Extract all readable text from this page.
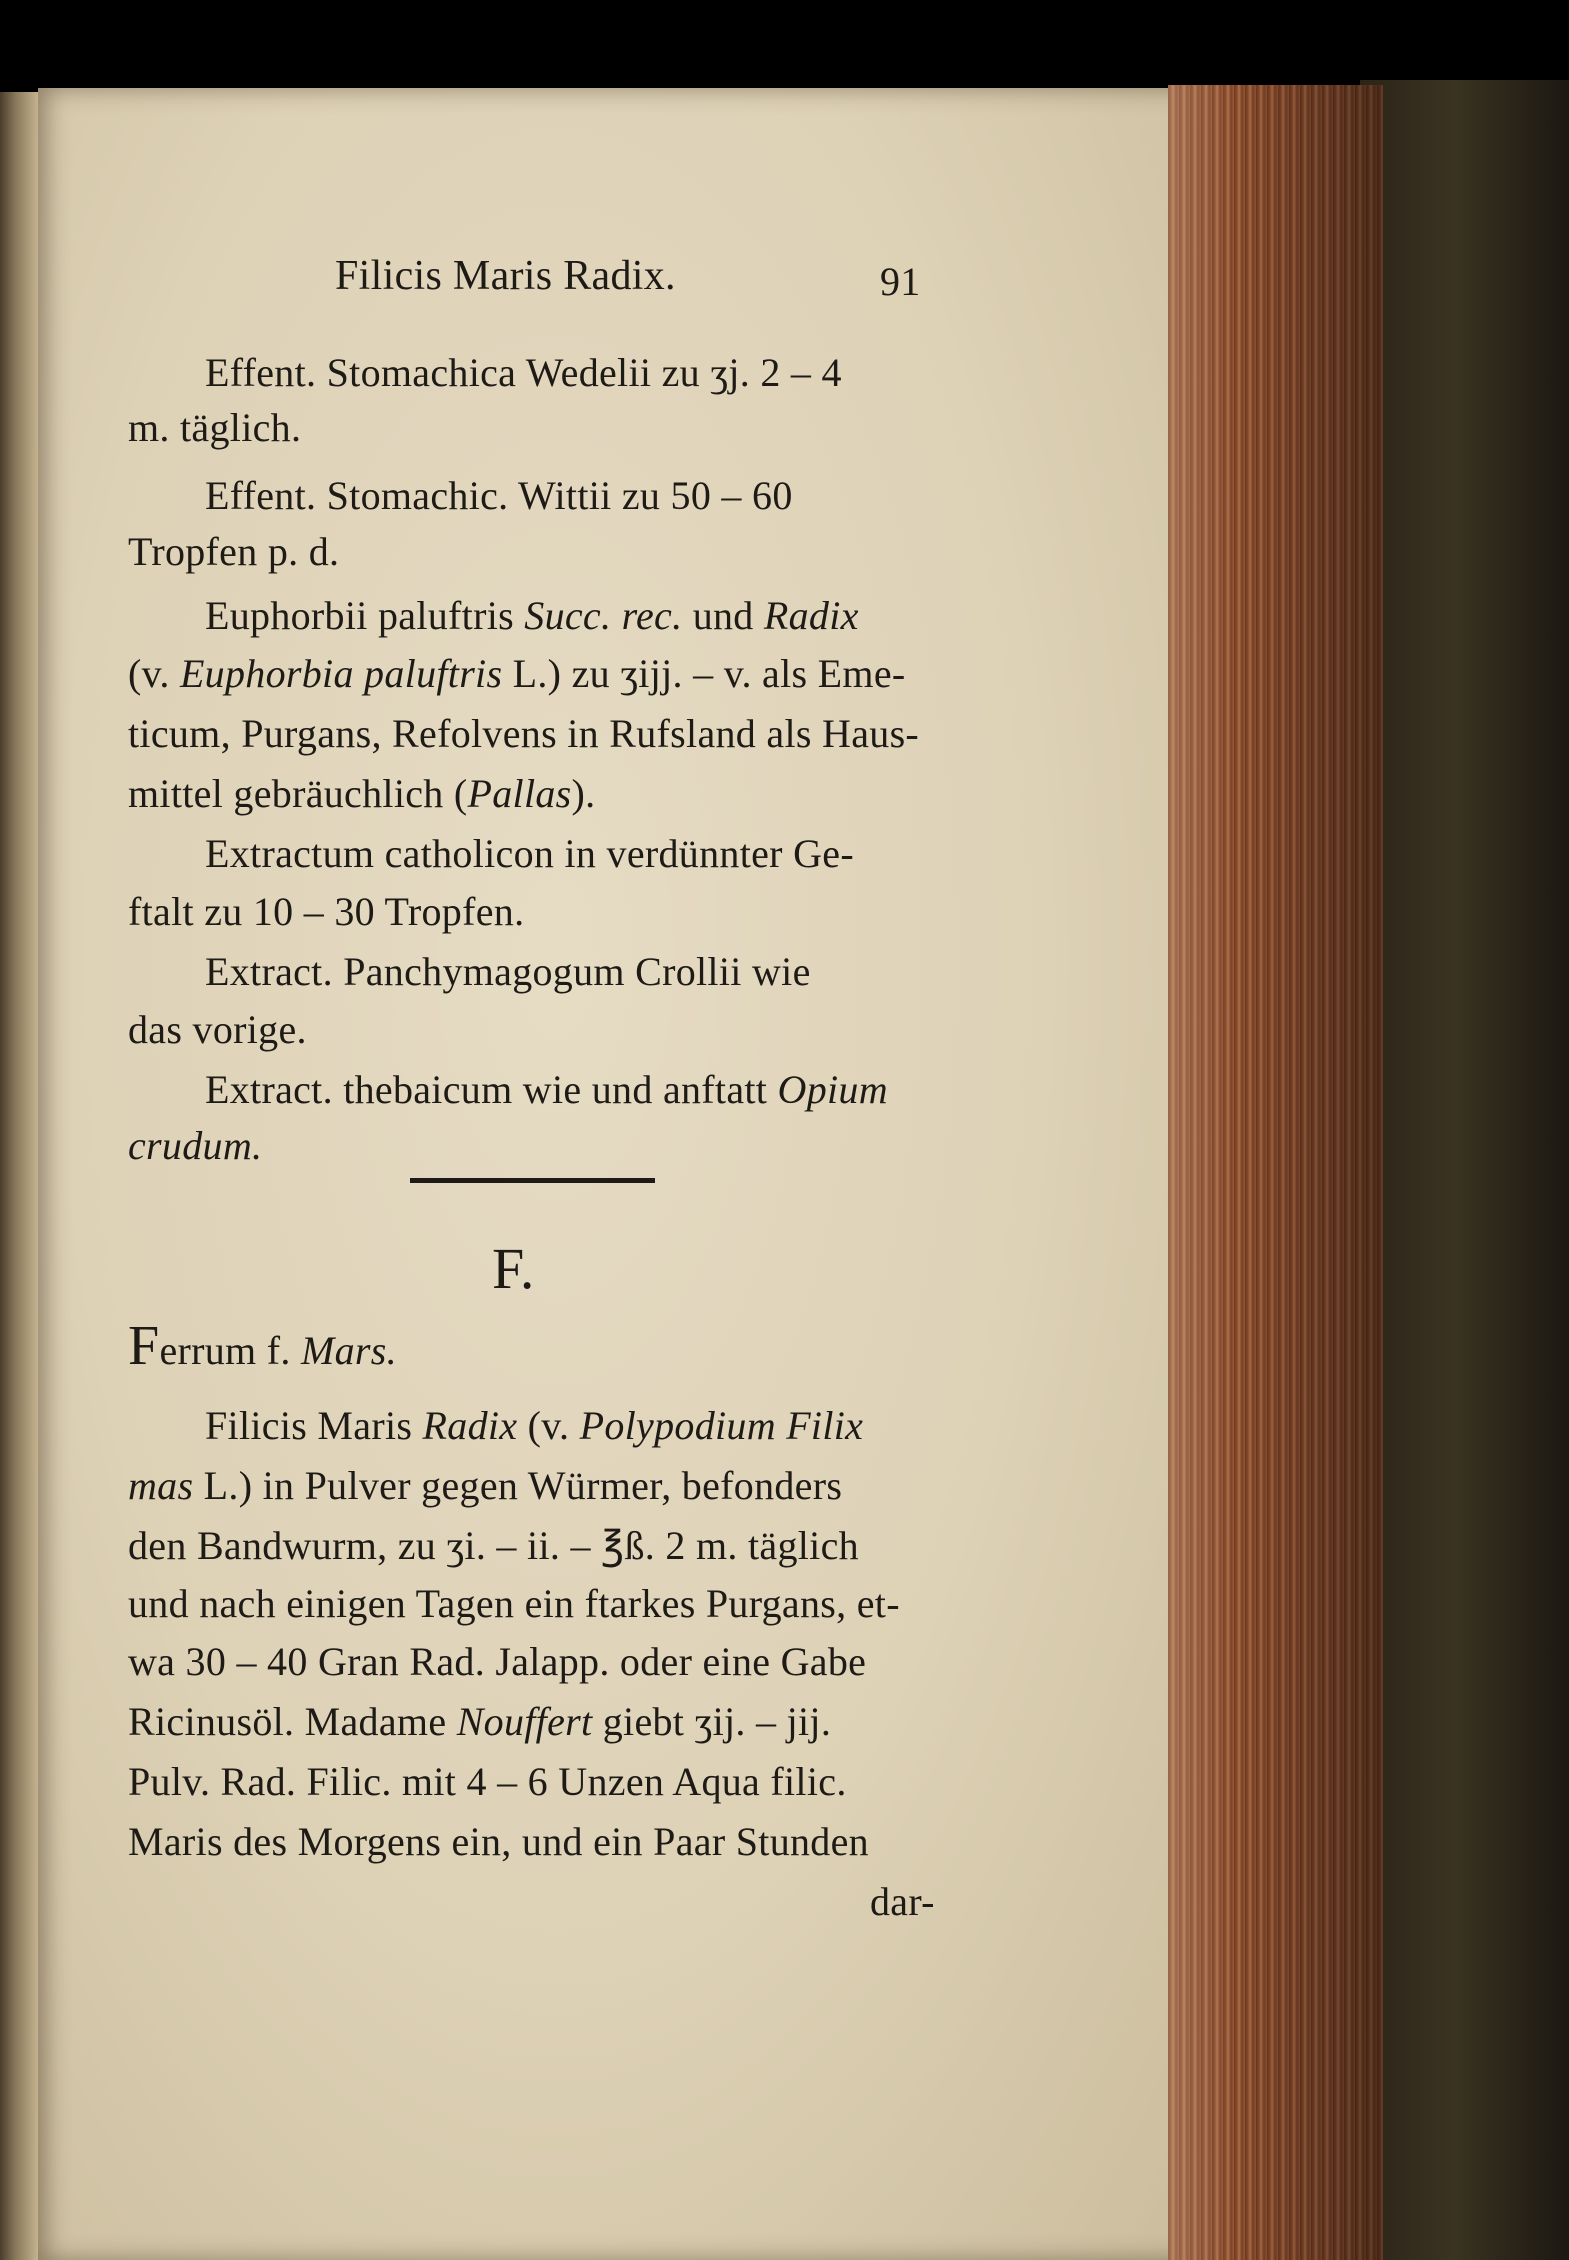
Filicis Maris Radix.	91
Effent. Stomachica Wedelii zu ʒj. 2 – 4
m. täglich.
Effent. Stomachic. Wittii zu 50 – 60
Tropfen p. d.
Euphorbii paluftris Succ. rec. und Radix
(v. Euphorbia paluftris L.) zu ʒijj. – v. als Eme-
ticum, Purgans, Refolvens in Rufsland als Haus-
mittel gebräuchlich (Pallas).
Extractum catholicon in verdünnter Ge-
ftalt zu 10 – 30 Tropfen.
Extract. Panchymagogum Crollii wie
das vorige.
Extract. thebaicum wie und anftatt Opium
crudum.
F.
Ferrum f. Mars.
Filicis Maris Radix (v. Polypodium Filix
mas L.) in Pulver gegen Würmer, befonders
den Bandwurm, zu ʒi. – ii. – ℥ß. 2 m. täglich
und nach einigen Tagen ein ftarkes Purgans, et-
wa 30 – 40 Gran Rad. Jalapp. oder eine Gabe
Ricinusöl. Madame Nouffert giebt ʒij. – jij.
Pulv. Rad. Filic. mit 4 – 6 Unzen Aqua filic.
Maris des Morgens ein, und ein Paar Stunden
dar-
